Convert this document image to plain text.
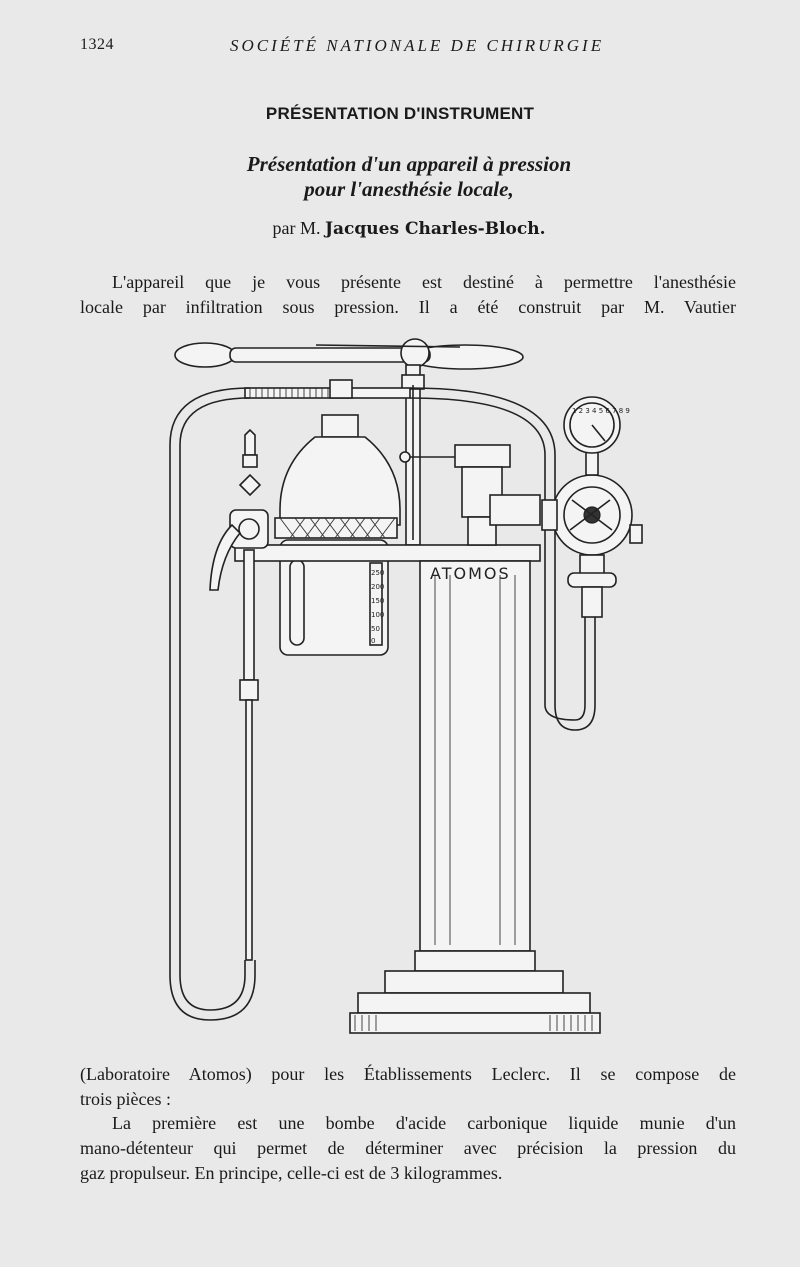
1324	SOCIÉTÉ NATIONALE DE CHIRURGIE
PRÉSENTATION D'INSTRUMENT
Présentation d'un appareil à pression
pour l'anesthésie locale,
par M. Jacques Charles-Bloch.

L'appareil que je vous présente est destiné à permettre l'anesthésie
locale par infiltration sous pression. Il a été construit par M. Vautier

250
200
150
100
50
0
ATOMOS
1 2 3 4 5 6 7 8 9

(Laboratoire Atomos) pour les Établissements Leclerc. Il se compose de
trois pièces :

La première est une bombe d'acide carbonique liquide munie d'un
mano-détenteur qui permet de déterminer avec précision la pression du
gaz propulseur. En principe, celle-ci est de 3 kilogrammes.
